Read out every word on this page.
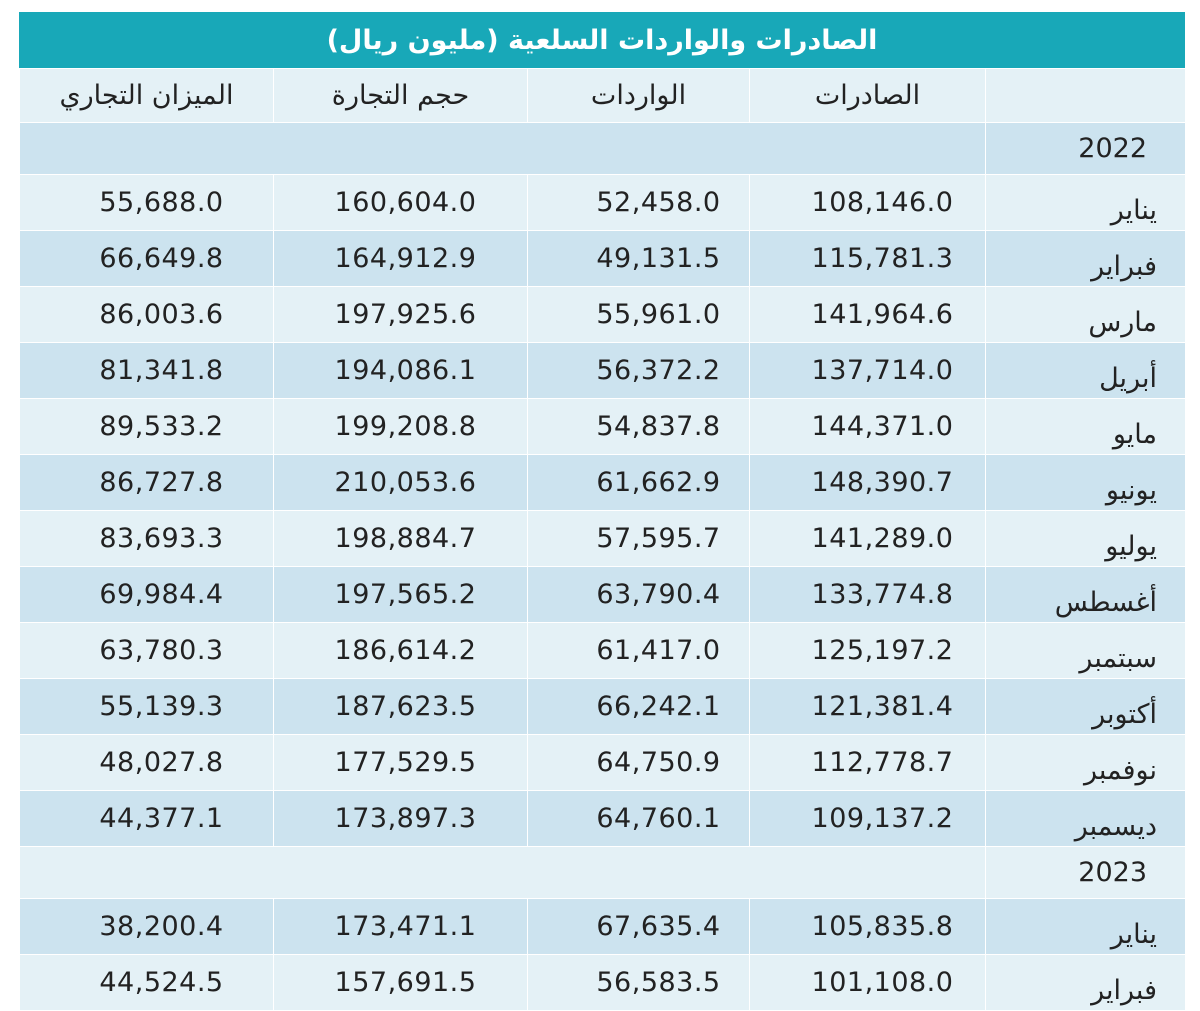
الصادرات والواردات السلعية (مليون ريال)
	الصادرات	الواردات	حجم التجارة	الميزان التجاري
2022				
يناير	108,146.0	52,458.0	160,604.0	55,688.0
فبراير	115,781.3	49,131.5	164,912.9	66,649.8
مارس	141,964.6	55,961.0	197,925.6	86,003.6
أبريل	137,714.0	56,372.2	194,086.1	81,341.8
مايو	144,371.0	54,837.8	199,208.8	89,533.2
يونيو	148,390.7	61,662.9	210,053.6	86,727.8
يوليو	141,289.0	57,595.7	198,884.7	83,693.3
أغسطس	133,774.8	63,790.4	197,565.2	69,984.4
سبتمبر	125,197.2	61,417.0	186,614.2	63,780.3
أكتوبر	121,381.4	66,242.1	187,623.5	55,139.3
نوفمبر	112,778.7	64,750.9	177,529.5	48,027.8
ديسمبر	109,137.2	64,760.1	173,897.3	44,377.1
2023				
يناير	105,835.8	67,635.4	173,471.1	38,200.4
فبراير	101,108.0	56,583.5	157,691.5	44,524.5
